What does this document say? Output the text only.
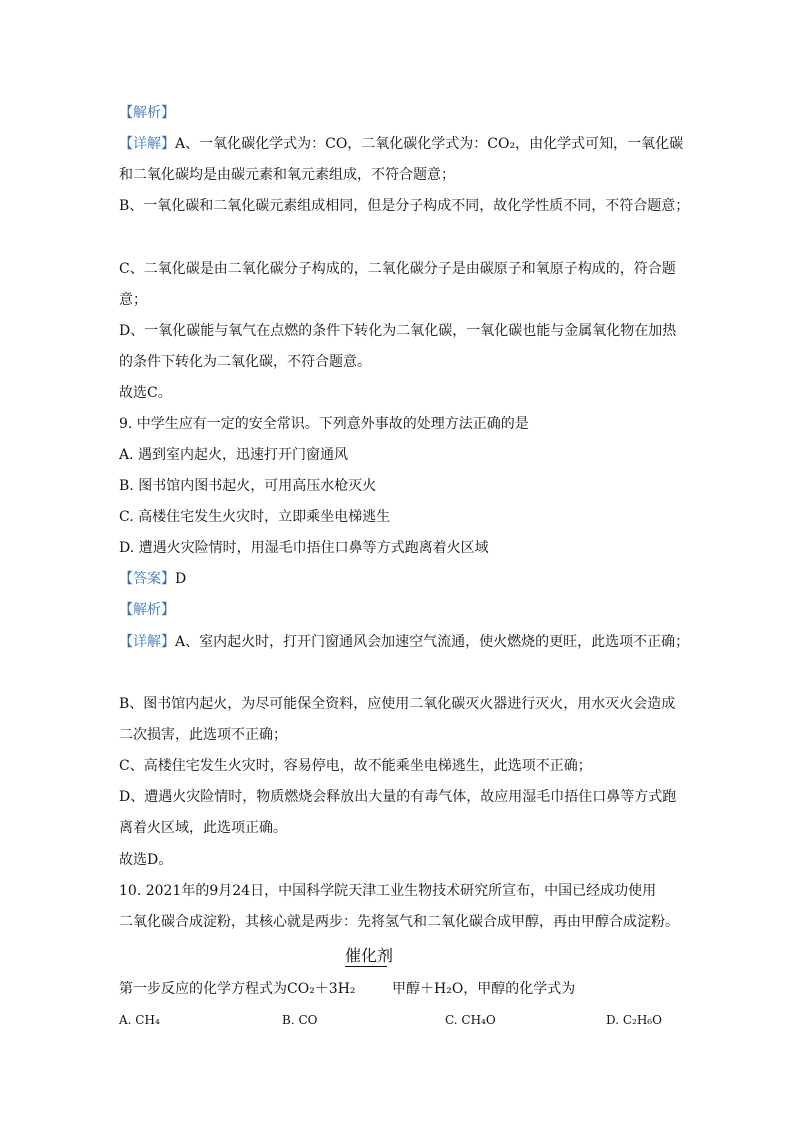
【解析】
【详解】A、一氧化碳化学式为：CO，二氧化碳化学式为：CO₂，由化学式可知，一氧化碳
和二氧化碳均是由碳元素和氧元素组成，不符合题意；
B、一氧化碳和二氧化碳元素组成相同，但是分子构成不同，故化学性质不同，不符合题意；
C、二氧化碳是由二氧化碳分子构成的，二氧化碳分子是由碳原子和氧原子构成的，符合题
意；
D、一氧化碳能与氧气在点燃的条件下转化为二氧化碳，一氧化碳也能与金属氧化物在加热
的条件下转化为二氧化碳，不符合题意。
故选C。
9. 中学生应有一定的安全常识。下列意外事故的处理方法正确的是
A. 遇到室内起火，迅速打开门窗通风
B. 图书馆内图书起火，可用高压水枪灭火
C. 高楼住宅发生火灾时，立即乘坐电梯逃生
D. 遭遇火灾险情时，用湿毛巾捂住口鼻等方式跑离着火区域
【答案】D
【解析】
【详解】A、室内起火时，打开门窗通风会加速空气流通，使火燃烧的更旺，此选项不正确；
B、图书馆内起火，为尽可能保全资料，应使用二氧化碳灭火器进行灭火，用水灭火会造成
二次损害，此选项不正确；
C、高楼住宅发生火灾时，容易停电，故不能乘坐电梯逃生，此选项不正确；
D、遭遇火灾险情时，物质燃烧会释放出大量的有毒气体，故应用湿毛巾捂住口鼻等方式跑
离着火区域，此选项正确。
故选D。
10. 2021年的9月24日，中国科学院天津工业生物技术研究所宣布，中国已经成功使用
二氧化碳合成淀粉，其核心就是两步：先将氢气和二氧化碳合成甲醇，再由甲醇合成淀粉。
催化剂
第一步反应的化学方程式为CO₂＋3H₂	甲醇＋H₂O，甲醇的化学式为
A. CH₄	B. CO	C. CH₄O	D. C₂H₆O
